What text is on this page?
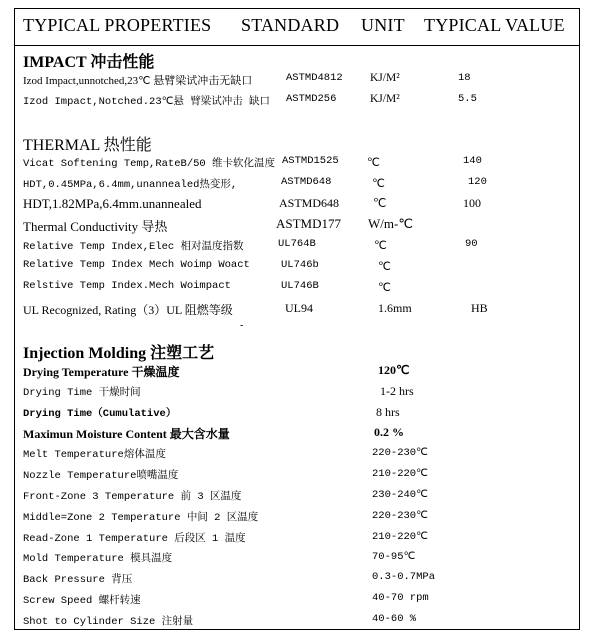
TYPICAL PROPERTIES STANDARD UNIT TYPICAL VALUE
IMPACT 冲击性能
Izod Impact,unnotched,23℃ 悬臂梁试冲击无缺口	ASTMD4812 KJ/M²	18
Izod Impact,Notched.23℃悬 臂梁试冲击 缺口 ASTMD256	KJ/M²	5.5
THERMAL 热性能
Vicat Softening Temp,RateB/50 维卡软化温度 ASTMD1525 ℃	140
HDT,0.45MPa,6.4mm,unannealed热变形,	ASTMD648	℃	120
HDT,1.82MPa,6.4mm.unannealed	ASTMD648	℃	100
Thermal Conductivity 导热	ASTMD177 W/m-℃
Relative Temp Index,Elec 相对温度指数	UL764B	℃	90
Relative Temp Index Mech Woimp Woact	UL746b	℃
Relstive Temp Index.Mech Woimpact	UL746B	℃
UL Recognized, Rating（3）UL 阻燃等级	UL94	1.6mm	HB
-
Injection Molding 注塑工艺
Drying Temperature 干燥温度	120℃
Drying Time 干燥时间	1-2 hrs
Drying Time（Cumulative）	8 hrs
Maximun Moisture Content 最大含水量	0.2 %
Melt Temperature熔体温度	220-230℃
Nozzle Temperature喷嘴温度	210-220℃
Front-Zone 3 Temperature 前 3 区温度	230-240℃
Middle=Zone 2 Temperature 中间 2 区温度	220-230℃
Read-Zone 1 Temperature 后段区 1 温度	210-220℃
Mold Temperature 模具温度	70-95℃
Back Pressure 背压	0.3-0.7MPa
Screw Speed 螺杆转速	40-70 rpm
Shot to Cylinder Size 注射量	40-60 %
